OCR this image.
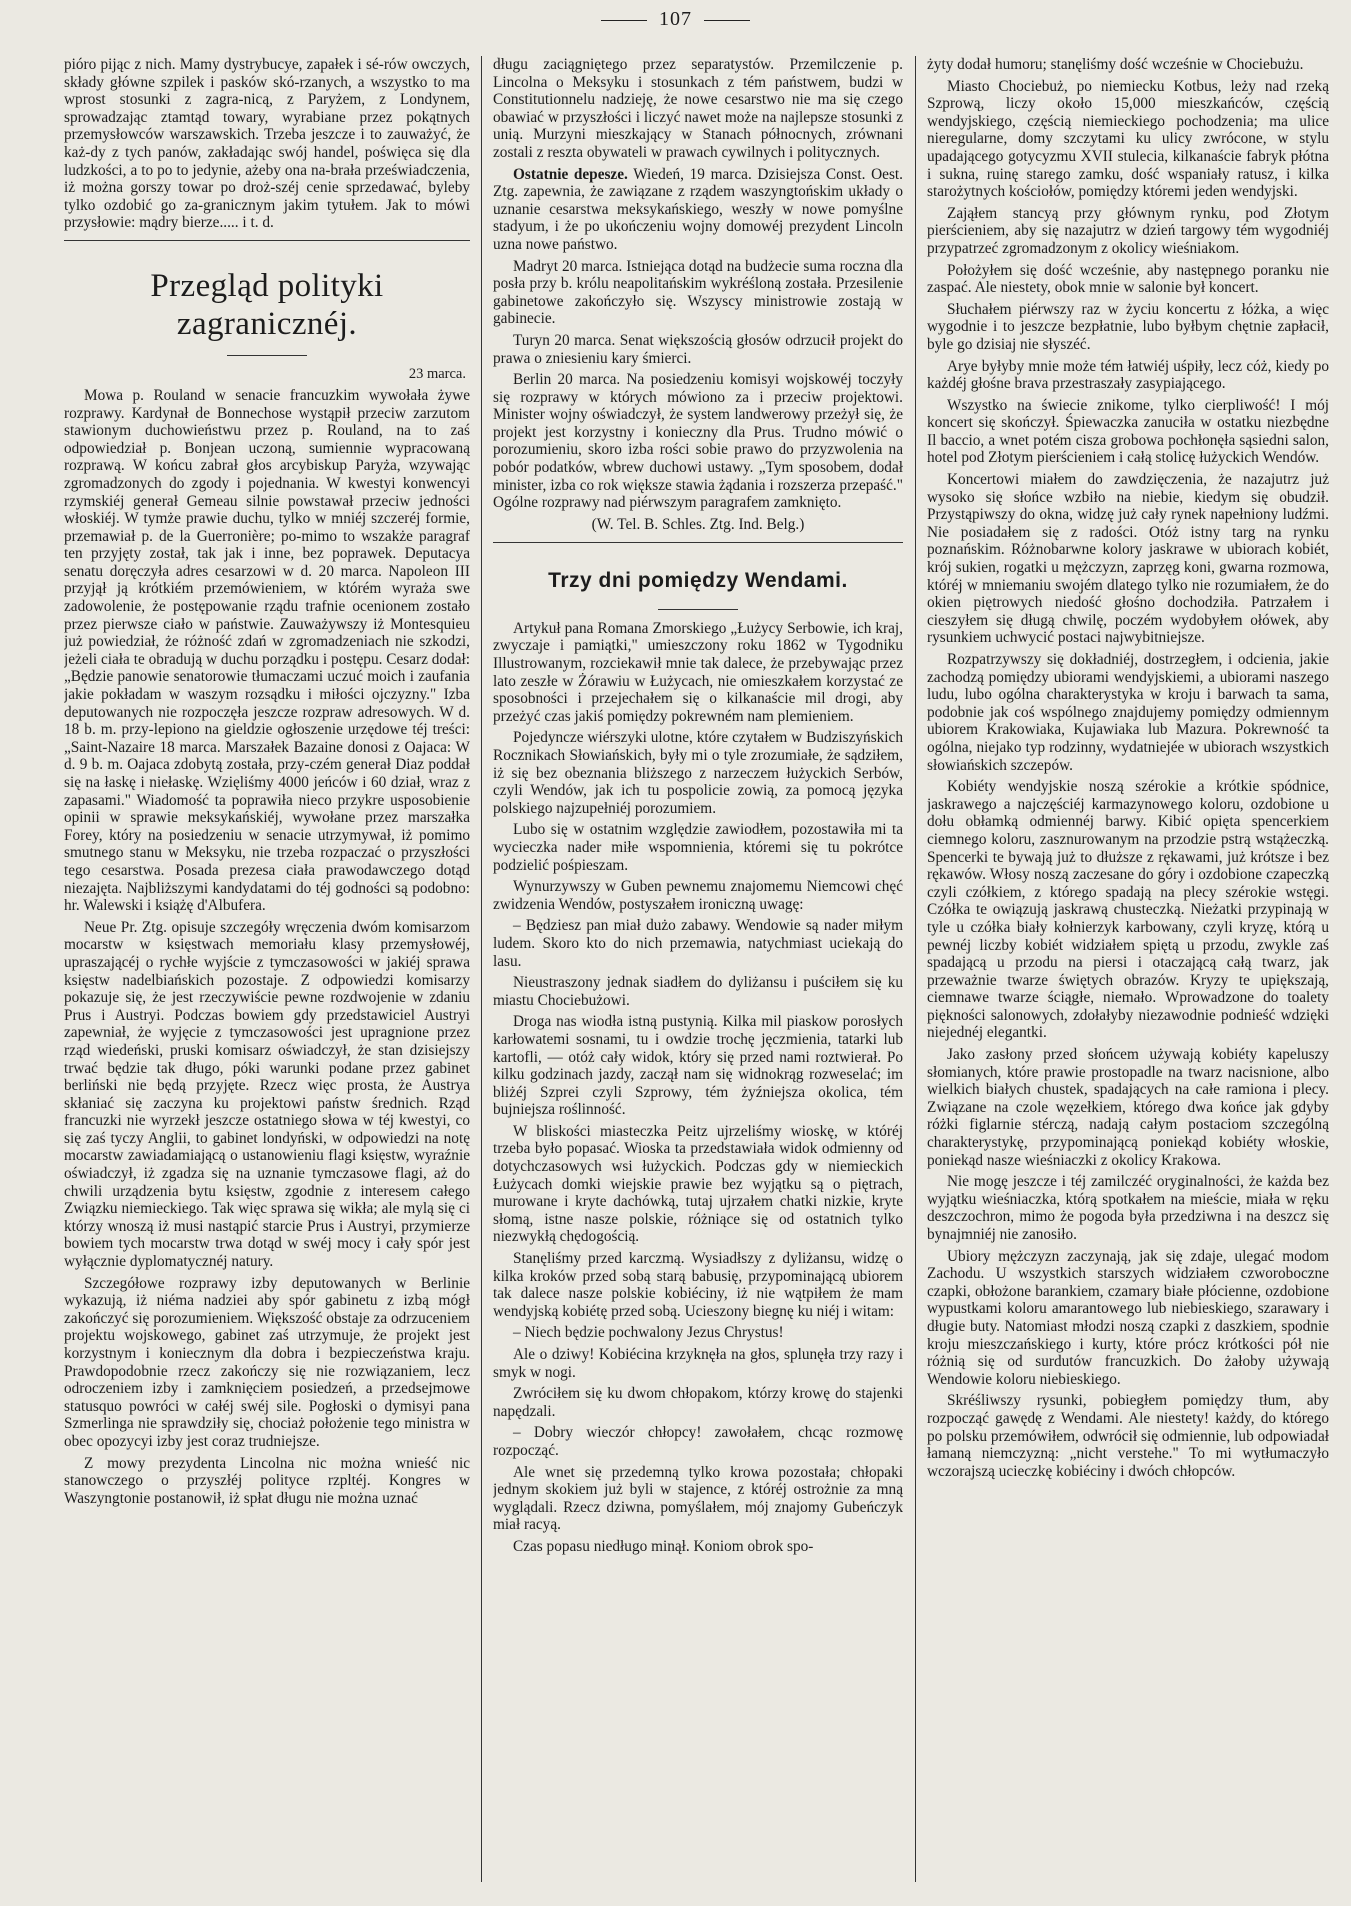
107

pióro pijąc z nich. Mamy dystrybucye, zapałek i sé-rów owczych, składy główne szpilek i pasków skó-rzanych, a wszystko to ma wprost stosunki z zagra-nicą, z Paryżem, z Londynem, sprowadzając ztamtąd towary, wyrabiane przez pokątnych przemysłowców warszawskich. Trzeba jeszcze i to zauważyć, że każ-dy z tych panów, zakładając swój handel, poświęca się dla ludzkości, a to po to jedynie, ażeby ona na-brała przeświadczenia, iż można gorszy towar po droż-széj cenie sprzedawać, byleby tylko ozdobić go za-granicznym jakim tytułem. Jak to mówi przysłowie: mądry bierze..... i t. d.

Przegląd polityki zagranicznéj.
23 marca.

Mowa p. Rouland w senacie francuzkim wywołała żywe rozprawy. Kardynał de Bonnechose wystąpił przeciw zarzutom stawionym duchowieństwu przez p. Rouland, na to zaś odpowiedział p. Bonjean uczoną, sumiennie wypracowaną rozprawą. W końcu zabrał głos arcybiskup Paryża, wzywając zgromadzonych do zgody i pojednania. W kwestyi konwencyi rzymskiéj generał Gemeau silnie powstawał przeciw jedności włoskiéj. W tymże prawie duchu, tylko w mniéj szczeréj formie, przemawiał p. de la Guerronière; po-mimo to wszakże paragraf ten przyjęty został, tak jak i inne, bez poprawek. Deputacya senatu doręczyła adres cesarzowi w d. 20 marca. Napoleon III przyjął ją krótkiém przemówieniem, w którém wyraża swe zadowolenie, że postępowanie rządu trafnie ocenionem zostało przez pierwsze ciało w państwie. Zauważywszy iż Montesquieu już powiedział, że różność zdań w zgromadzeniach nie szkodzi, jeżeli ciała te obradują w duchu porządku i postępu. Cesarz dodał: „Będzie panowie senatorowie tłumaczami uczuć moich i zaufania jakie pokładam w waszym rozsądku i miłości ojczyzny." Izba deputowanych nie rozpoczęła jeszcze rozpraw adresowych. W d. 18 b. m. przy-lepiono na gieldzie ogłoszenie urzędowe téj treści: „Saint-Nazaire 18 marca. Marszałek Bazaine donosi z Oajaca: W d. 9 b. m. Oajaca zdobytą została, przy-czém generał Diaz poddał się na łaskę i niełaskę. Wzięliśmy 4000 jeńców i 60 dział, wraz z zapasami." Wiadomość ta poprawiła nieco przykre usposobienie opinii w sprawie meksykańskiéj, wywołane przez marszałka Forey, który na posiedzeniu w senacie utrzymywał, iż pomimo smutnego stanu w Meksyku, nie trzeba rozpaczać o przyszłości tego cesarstwa. Posada prezesa ciała prawodawczego dotąd niezajęta. Najbliższymi kandydatami do téj godności są podobno: hr. Walewski i książę d'Albufera.

Neue Pr. Ztg. opisuje szczegóły wręczenia dwóm komisarzom mocarstw w księstwach memoriału klasy przemysłowéj, upraszającéj o rychłe wyjście z tymczasowości w jakiéj sprawa księstw nadelbiańskich pozostaje. Z odpowiedzi komisarzy pokazuje się, że jest rzeczywiście pewne rozdwojenie w zdaniu Prus i Austryi. Podczas bowiem gdy przedstawiciel Austryi zapewniał, że wyjęcie z tymczasowości jest upragnione przez rząd wiedeński, pruski komisarz oświadczył, że stan dzisiejszy trwać będzie tak długo, póki warunki podane przez gabinet berliński nie będą przyjęte. Rzecz więc prosta, że Austrya skłaniać się zaczyna ku projektowi państw średnich. Rząd francuzki nie wyrzekł jeszcze ostatniego słowa w téj kwestyi, co się zaś tyczy Anglii, to gabinet londyński, w odpowiedzi na notę mocarstw zawiadamiającą o ustanowieniu flagi księstw, wyraźnie oświadczył, iż zgadza się na uznanie tymczasowe flagi, aż do chwili urządzenia bytu księstw, zgodnie z interesem całego Związku niemieckiego. Tak więc sprawa się wikła; ale mylą się ci którzy wnoszą iż musi nastąpić starcie Prus i Austryi, przymierze bowiem tych mocarstw trwa dotąd w swéj mocy i cały spór jest wyłącznie dyplomatycznéj natury.

Szczegółowe rozprawy izby deputowanych w Berlinie wykazują, iż niéma nadziei aby spór gabinetu z izbą mógł zakończyć się porozumieniem. Większość obstaje za odrzuceniem projektu wojskowego, gabinet zaś utrzymuje, że projekt jest korzystnym i koniecznym dla dobra i bezpieczeństwa kraju. Prawdopodobnie rzecz zakończy się nie rozwiązaniem, lecz odroczeniem izby i zamknięciem posiedzeń, a przedsejmowe statusquo powróci w całéj swéj sile. Pogłoski o dymisyi pana Szmerlinga nie sprawdziły się, chociaż położenie tego ministra w obec opozycyi izby jest coraz trudniejsze.

Z mowy prezydenta Lincolna nic można wnieść nic stanowczego o przyszłéj polityce rzpltéj. Kongres w Waszyngtonie postanowił, iż spłat długu nie można uznać

długu zaciągniętego przez separatystów. Przemilczenie p. Lincolna o Meksyku i stosunkach z tém państwem, budzi w Constitutionnelu nadzieję, że nowe cesarstwo nie ma się czego obawiać w przyszłości i liczyć nawet może na najlepsze stosunki z unią. Murzyni mieszkający w Stanach północnych, zrównani zostali z reszta obywateli w prawach cywilnych i politycznych.

Ostatnie depesze. Wiedeń, 19 marca. Dzisiejsza Const. Oest. Ztg. zapewnia, że zawiązane z rządem waszyngtońskim układy o uznanie cesarstwa meksykańskiego, weszły w nowe pomyślne stadyum, i że po ukończeniu wojny domowéj prezydent Lincoln uzna nowe państwo.

Madryt 20 marca. Istniejąca dotąd na budżecie suma roczna dla posła przy b. królu neapolitańskim wykréśloną została. Przesilenie gabinetowe zakończyło się. Wszyscy ministrowie zostają w gabinecie.

Turyn 20 marca. Senat większością głosów odrzucił projekt do prawa o zniesieniu kary śmierci.

Berlin 20 marca. Na posiedzeniu komisyi wojskowéj toczyły się rozprawy w których mówiono za i przeciw projektowi. Minister wojny oświadczył, że system landwerowy przeżył się, że projekt jest korzystny i konieczny dla Prus. Trudno mówić o porozumieniu, skoro izba rości sobie prawo do przyzwolenia na pobór podatków, wbrew duchowi ustawy. „Tym sposobem, dodał minister, izba co rok większe stawia żądania i rozszerza przepaść." Ogólne rozprawy nad piérwszym paragrafem zamknięto.

(W. Tel. B. Schles. Ztg. Ind. Belg.)
Trzy dni pomiędzy Wendami.

Artykuł pana Romana Zmorskiego „Łużycy Serbowie, ich kraj, zwyczaje i pamiątki," umieszczony roku 1862 w Tygodniku Illustrowanym, rozciekawił mnie tak dalece, że przebywając przez lato zeszłe w Żórawiu w Łużycach, nie omieszkałem korzystać ze sposobności i przejechałem się o kilkanaście mil drogi, aby przeżyć czas jakiś pomiędzy pokrewném nam plemieniem.

Pojedyncze wiérszyki ulotne, które czytałem w Budziszyńskich Rocznikach Słowiańskich, były mi o tyle zrozumiałe, że sądziłem, iż się bez obeznania bliższego z narzeczem łużyckich Serbów, czyli Wendów, jak ich tu pospolicie zowią, za pomocą języka polskiego najzupełniéj porozumiem.

Lubo się w ostatnim względzie zawiodłem, pozostawiła mi ta wycieczka nader miłe wspomnienia, któremi się tu pokrótce podzielić pośpieszam.

Wynurzywszy w Guben pewnemu znajomemu Niemcowi chęć zwidzenia Wendów, postyszałem ironiczną uwagę:

– Będziesz pan miał dużo zabawy. Wendowie są nader miłym ludem. Skoro kto do nich przemawia, natychmiast uciekają do lasu.

Nieustraszony jednak siadłem do dyliżansu i puściłem się ku miastu Chociebużowi.

Droga nas wiodła istną pustynią. Kilka mil piaskow porosłych karłowatemi sosnami, tu i owdzie trochę jęczmienia, tatarki lub kartofli, — otóż cały widok, który się przed nami roztwierał. Po kilku godzinach jazdy, zaczął nam się widnokrąg rozweselać; im bliżéj Szprei czyli Szprowy, tém żyźniejsza okolica, tém bujniejsza roślinność.

W bliskości miasteczka Peitz ujrzeliśmy wioskę, w któréj trzeba było popasać. Wioska ta przedstawiała widok odmienny od dotychczasowych wsi łużyckich. Podczas gdy w niemieckich Łużycach domki wiejskie prawie bez wyjątku są o piętrach, murowane i kryte dachówką, tutaj ujrzałem chatki nizkie, kryte słomą, istne nasze polskie, różniące się od ostatnich tylko niezwykłą chędogością.

Stanęliśmy przed karczmą. Wysiadłszy z dyliżansu, widzę o kilka kroków przed sobą starą babusię, przypominającą ubiorem tak dalece nasze polskie kobiéciny, iż nie wątpiłem że mam wendyjską kobiétę przed sobą. Ucieszony biegnę ku niéj i witam:

– Niech będzie pochwalony Jezus Chrystus!

Ale o dziwy! Kobiécina krzyknęła na głos, splunęła trzy razy i smyk w nogi.

Zwróciłem się ku dwom chłopakom, którzy krowę do stajenki napędzali.

– Dobry wieczór chłopcy! zawołałem, chcąc rozmowę rozpocząć.

Ale wnet się przedemną tylko krowa pozostała; chłopaki jednym skokiem już byli w stajence, z któréj ostrożnie za mną wyglądali. Rzecz dziwna, pomyślałem, mój znajomy Gubeńczyk miał racyą.

Czas popasu niedługo minął. Koniom obrok spo-

żyty dodał humoru; stanęliśmy dość wcześnie w Chociebużu.

Miasto Chociebuż, po niemiecku Kotbus, leży nad rzeką Szprową, liczy około 15,000 mieszkańców, częścią wendyjskiego, częścią niemieckiego pochodzenia; ma ulice nieregularne, domy szczytami ku ulicy zwrócone, w stylu upadającego gotycyzmu XVII stulecia, kilkanaście fabryk płótna i sukna, ruinę starego zamku, dość wspaniały ratusz, i kilka starożytnych kościołów, pomiędzy któremi jeden wendyjski.

Zająłem stancyą przy głównym rynku, pod Złotym pierścieniem, aby się nazajutrz w dzień targowy tém wygodniéj przypatrzeć zgromadzonym z okolicy wieśniakom.

Położyłem się dość wcześnie, aby następnego poranku nie zaspać. Ale niestety, obok mnie w salonie był koncert.

Słuchałem piérwszy raz w życiu koncertu z łóżka, a więc wygodnie i to jeszcze bezpłatnie, lubo byłbym chętnie zapłacił, byle go dzisiaj nie słyszéć.

Arye byłyby mnie może tém łatwiéj uśpiły, lecz cóż, kiedy po każdéj głośne brava przestraszały zasypiającego.

Wszystko na świecie znikome, tylko cierpliwość! I mój koncert się skończył. Śpiewaczka zanuciła w ostatku niezbędne Il baccio, a wnet potém cisza grobowa pochłonęła sąsiedni salon, hotel pod Złotym pierścieniem i całą stolicę łużyckich Wendów.

Koncertowi miałem do zawdzięczenia, że nazajutrz już wysoko się słońce wzbiło na niebie, kiedym się obudził. Przystąpiwszy do okna, widzę już cały rynek napełniony ludźmi. Nie posiadałem się z radości. Otóż istny targ na rynku poznańskim. Różnobarwne kolory jaskrawe w ubiorach kobiét, krój sukien, rogatki u mężczyzn, zaprzęg koni, gwarna rozmowa, któréj w mniemaniu swojém dlatego tylko nie rozumiałem, że do okien piętrowych niedość głośno dochodziła. Patrzałem i cieszyłem się długą chwilę, poczém wydobyłem ołówek, aby rysunkiem uchwycić postaci najwybitniejsze.

Rozpatrzywszy się dokładniéj, dostrzegłem, i odcienia, jakie zachodzą pomiędzy ubiorami wendyjskiemi, a ubiorami naszego ludu, lubo ogólna charakterystyka w kroju i barwach ta sama, podobnie jak coś wspólnego znajdujemy pomiędzy odmiennym ubiorem Krakowiaka, Kujawiaka lub Mazura. Pokrewność ta ogólna, niejako typ rodzinny, wydatniejée w ubiorach wszystkich słowiańskich szczepów.

Kobiéty wendyjskie noszą szérokie a krótkie spódnice, jaskrawego a najczęściéj karmazynowego koloru, ozdobione u dołu obłamką odmiennéj barwy. Kibić opięta spencerkiem ciemnego koloru, zasznurowanym na przodzie pstrą wstążeczką. Spencerki te bywają już to dłuższe z rękawami, już krótsze i bez rękawów. Włosy noszą zaczesane do góry i ozdobione czapeczką czyli czółkiem, z którego spadają na plecy szérokie wstęgi. Czółka te owiązują jaskrawą chusteczką. Nieżatki przypinają w tyle u czółka biały kołnierzyk karbowany, czyli kryzę, którą u pewnéj liczby kobiét widziałem spiętą u przodu, zwykle zaś spadającą u przodu na piersi i otaczającą całą twarz, jak przeważnie twarze świętych obrazów. Kryzy te upiększają, ciemnawe twarze ściągłe, niemało. Wprowadzone do toalety piękności salonowych, zdołałyby niezawodnie podnieść wdzięki niejednéj elegantki.

Jako zasłony przed słońcem używają kobiéty kapeluszy słomianych, które prawie prostopadle na twarz nacisnione, albo wielkich białych chustek, spadających na całe ramiona i plecy. Związane na czole węzełkiem, którego dwa końce jak gdyby różki figlarnie stérczą, nadają całym postaciom szczególną charakterystykę, przypominającą poniekąd kobiéty włoskie, poniekąd nasze wieśniaczki z okolicy Krakowa.

Nie mogę jeszcze i téj zamilczéć oryginalności, że każda bez wyjątku wieśniaczka, którą spotkałem na mieście, miała w ręku deszczochron, mimo że pogoda była przedziwna i na deszcz się bynajmniéj nie zanosiło.

Ubiory mężczyzn zaczynają, jak się zdaje, ulegać modom Zachodu. U wszystkich starszych widziałem czworoboczne czapki, obłożone barankiem, czamary białe płócienne, ozdobione wypustkami koloru amarantowego lub niebieskiego, szarawary i długie buty. Natomiast młodzi noszą czapki z daszkiem, spodnie kroju mieszczańskiego i kurty, które prócz krótkości pół nie różnią się od surdutów francuzkich. Do żałoby używają Wendowie koloru niebieskiego.

Skréśliwszy rysunki, pobiegłem pomiędzy tłum, aby rozpocząć gawędę z Wendami. Ale niestety! każdy, do którego po polsku przemówiłem, odwrócił się odmiennie, lub odpowiadał łamaną niemczyzną: „nicht verstehe." To mi wytłumaczyło wczorajszą ucieczkę kobiéciny i dwóch chłopców.
